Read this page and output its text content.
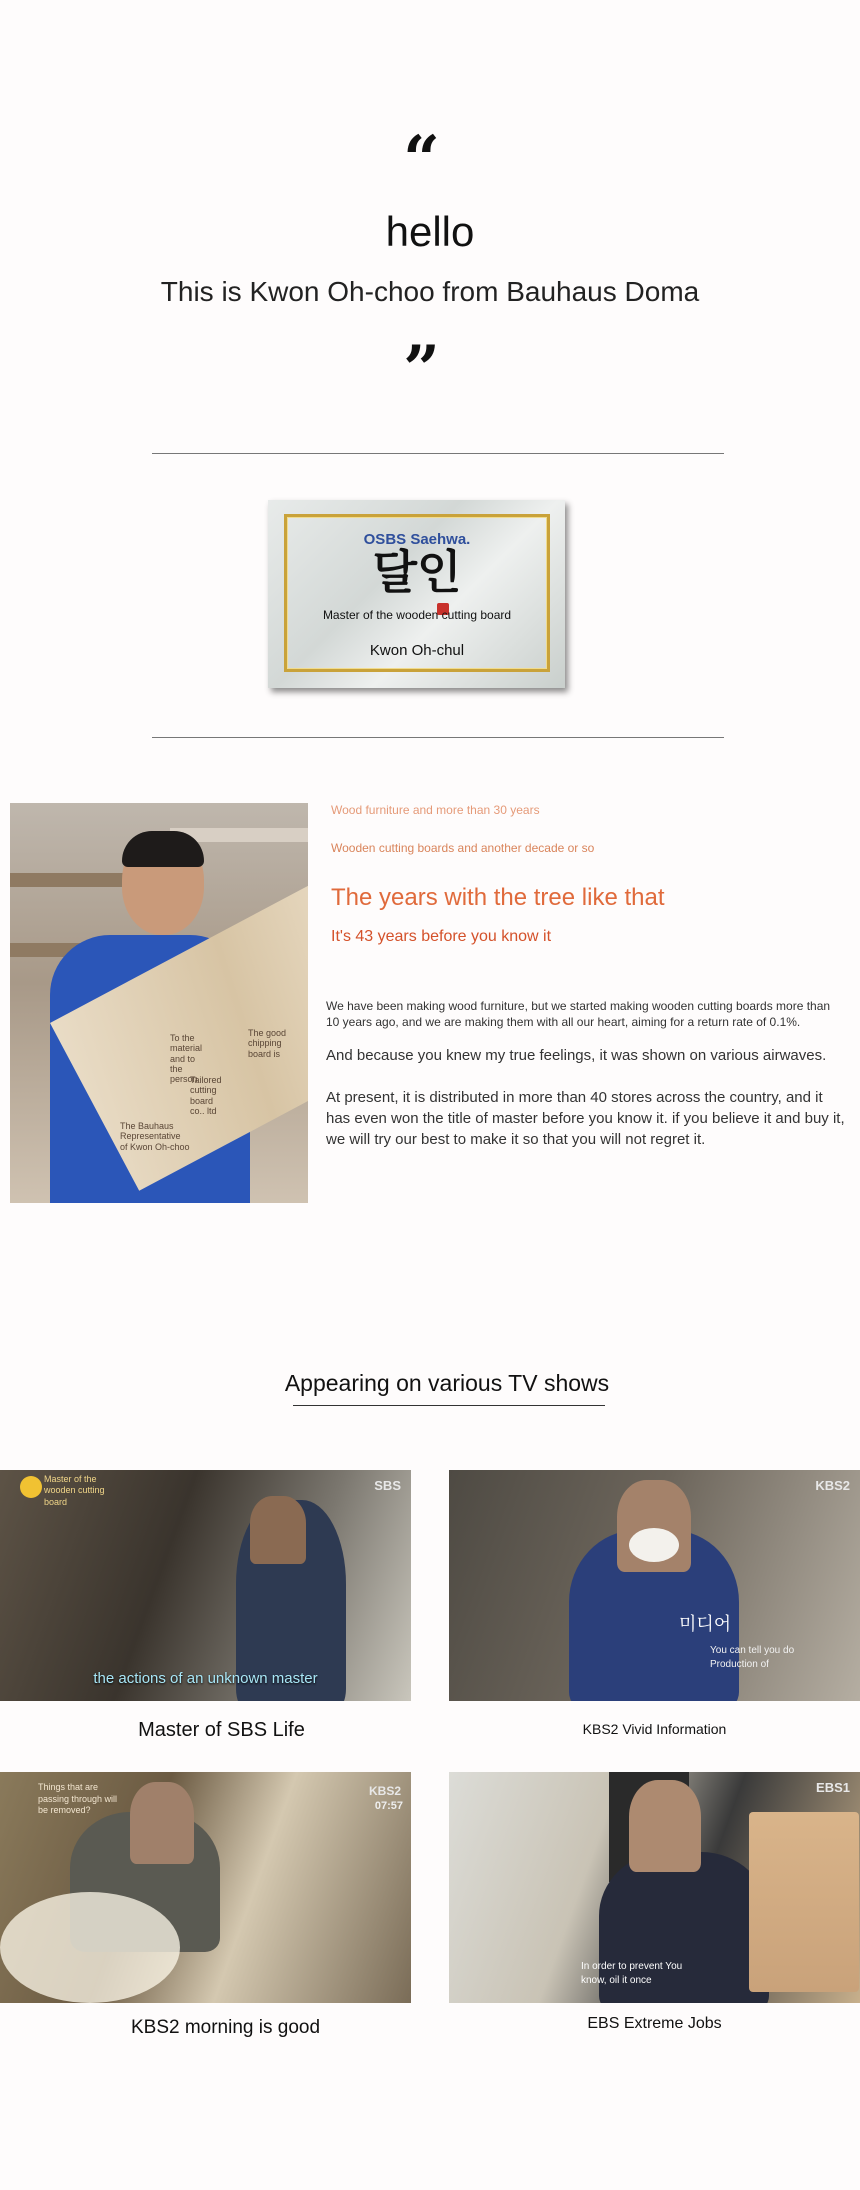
“
hello
This is Kwon Oh-choo from Bauhaus Doma
”
OSBS Saehwa.
달인
Master of the wooden cutting board
Kwon Oh-chul
To the material and to the person
The good chipping board is
Tailored cutting board co.. ltd
The Bauhaus Representative of Kwon Oh-choo
Wood furniture and more than 30 years
Wooden cutting boards and another decade or so
The years with the tree like that
It's 43 years before you know it
We have been making wood furniture, but we started making wooden cutting boards more than 10 years ago, and we are making them with all our heart, aiming for a return rate of 0.1%.
And because you knew my true feelings, it was shown on various airwaves.
At present, it is distributed in more than 40 stores across the country, and it has even won the title of master before you know it. if you believe it and buy it, we will try our best to make it so that you will not regret it.
Appearing on various TV shows
Master of the wooden cutting board
SBS
the actions of an unknown master
Master of SBS Life
KBS2
미디어
You can tell you do Production of
KBS2 Vivid Information
Things that are passing through will be removed?
KBS2
07:57
KBS2 morning is good
EBS1
In order to prevent You know, oil it once
EBS Extreme Jobs
